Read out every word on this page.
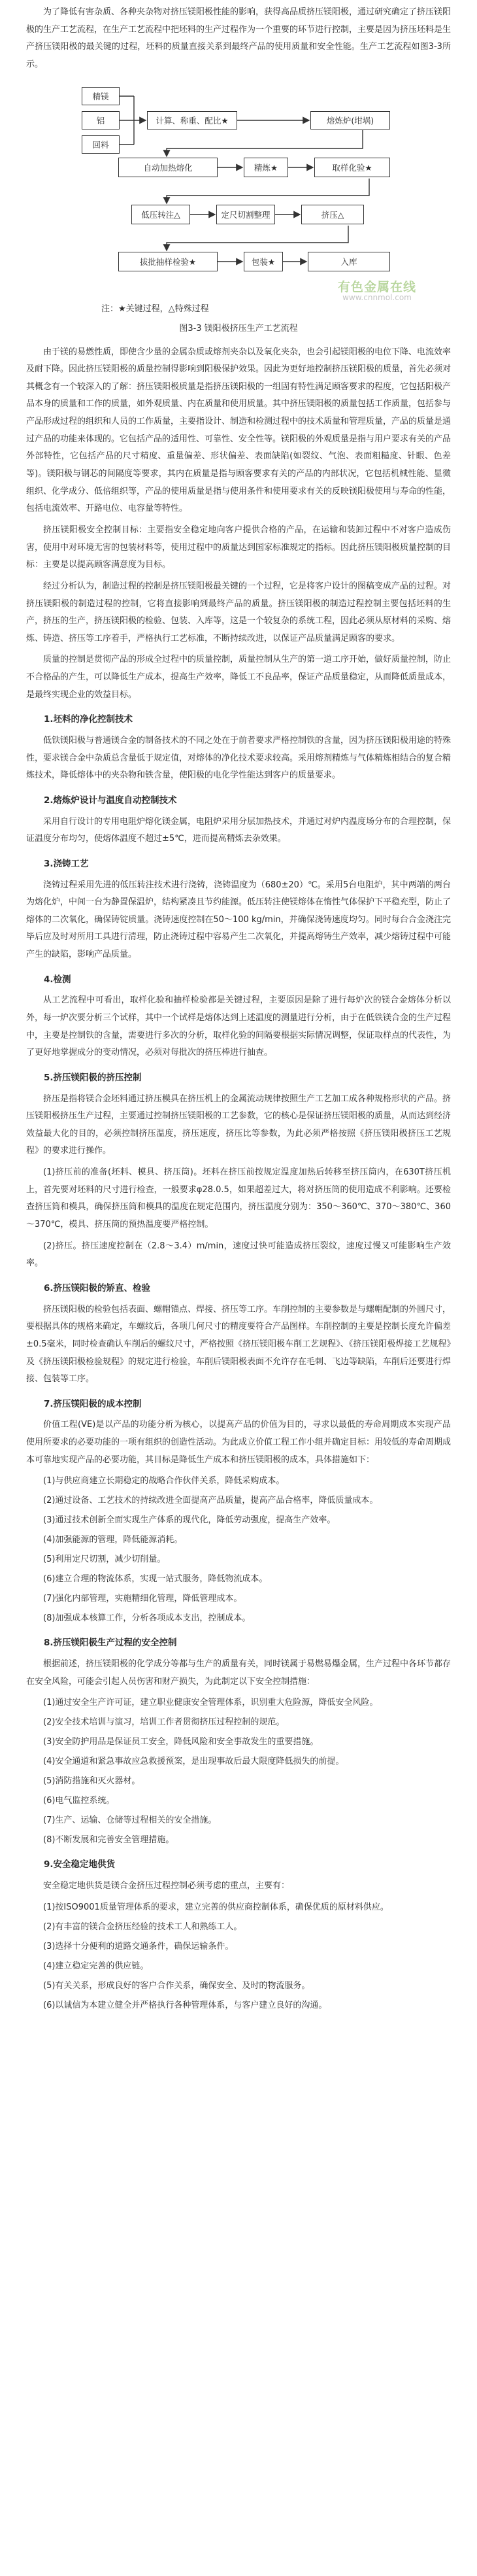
为了降低有害杂质、各种夹杂物对挤压镁阳极性能的影响，获得高品质挤压镁阳极，通过研究确定了挤压镁阳极的生产工艺流程，在生产工艺流程中把坯料的生产过程作为一个重要的环节进行控制，主要是因为挤压坯料是生产挤压镁阳极的最关键的过程，坯料的质量直接关系到最终产品的使用质量和安全性能。生产工艺流程如图3-3所示。

精镁
铝
回料
计算、称重、配比★	熔炼炉(坩埚)
自动加热熔化	精炼★	取样化验★
低压转注△	定尺切割整理	挤压△
拔批抽样检验★	包装★	入库
注：★关键过程，△特殊过程
有色金属在线
www.cnnmol.com
图3-3 镁阳极挤压生产工艺流程

由于镁的易燃性质，即使含少量的金属杂质或熔剂夹杂以及氧化夹杂，也会引起镁阳极的电位下降、电流效率及耐下降。因此挤压镁阳极的质量控制得影响到阳极保护效果。因此为更好地控制挤压镁阳极的质量，首先必须对其概念有一个较深入的了解：挤压镁阳极质量是指挤压镁阳极的一组固有特性满足顾客要求的程度，它包括阳极产品本身的质量和工作的质量，如外观质量、内在质量和使用质量。其中挤压镁阳极的质量包括工作质量，包括参与产品形成过程的组织和人员的工作质量，主要指设计、制造和检测过程中的技术质量和管理质量，产品的质量是通过产品的功能来体现的。它包括产品的适用性、可靠性、安全性等。镁阳极的外观质量是指与用户要求有关的产品外部特性，它包括产品的尺寸精度、重量偏差、形状偏差、表面缺陷(如裂纹、气泡、表面粗糙度、针眼、色差等)。镁阳极与钢芯的间隔度等要求，其内在质量是指与顾客要求有关的产品的内部状况，它包括机械性能、显微组织、化学成分、低倍组织等，产品的使用质量是指与使用条件和使用要求有关的反映镁阳极使用与寿命的性能，包括电流效率、开路电位、电容量等特性。

挤压镁阳极安全控制目标：主要指安全稳定地向客户提供合格的产品，在运输和装卸过程中不对客户造成伤害，使用中对环境无害的包装材料等，使用过程中的质量达到国家标准规定的指标。因此挤压镁阳极质量控制的目标：主要是以提高顾客满意度为目标。

经过分析认为，制造过程的控制是挤压镁阳极最关键的一个过程，它是将客户设计的图稿变成产品的过程。对挤压镁阳极的制造过程的控制，它将直接影响到最终产品的质量。挤压镁阳极的制造过程控制主要包括坯料的生产，挤压的生产，挤压镁阳极的检验、包装、入库等，这是一个较复杂的系统工程，因此必须从原材料的采购、熔炼、铸造、挤压等工序着手，严格执行工艺标准，不断持续改进，以保证产品质量满足顾客的要求。

质量的控制是贯彻产品的形成全过程中的质量控制，质量控制从生产的第一道工序开始，做好质量控制，防止不合格品的产生，可以降低生产成本，提高生产效率，降低工不良品率，保证产品质量稳定，从而降低质量成本，是最终实现企业的效益目标。

1.坯料的净化控制技术

低铁镁阳极与普通镁合金的制备技术的不同之处在于前者要求严格控制铁的含量，因为挤压镁阳极用途的特殊性，要求镁合金中杂质总含量低于规定值，对熔体的净化技术要求较高。采用熔剂精炼与气体精炼相结合的复合精炼技术，降低熔体中的夹杂物和铁含量，使阳极的电化学性能达到客户的质量要求。

2.熔炼炉设计与温度自动控制技术

采用自行设计的专用电阻炉熔化镁金属，电阻炉采用分层加热技术，并通过对炉内温度场分布的合理控制，保证温度分布均匀，使熔体温度不超过±5℃，进而提高精炼去杂效果。

3.浇铸工艺

浇铸过程采用先进的低压转注技术进行浇铸，浇铸温度为（680±20）℃。采用5台电阻炉，其中两端的两台为熔化炉，中间一台为静置保温炉，结构紧凑且节约能源。低压转注使镁熔体在惰性气体保护下平稳充型，防止了熔体的二次氧化，确保铸锭质量。浇铸速度控制在50～100 kg/min，并确保浇铸速度均匀。同时每台合金浇注完毕后应及时对所用工具进行清理，防止浇铸过程中容易产生二次氧化，并提高熔铸生产效率，减少熔铸过程中可能产生的缺陷，影响产品质量。

4.检测

从工艺流程中可看出，取样化验和抽样检验都是关键过程，主要原因是除了进行每炉次的镁合金熔体分析以外，每一炉次要分析三个试样，其中一个试样是熔体达到上述温度的测量进行分析，由于在低铁镁合金的生产过程中，主要是控制铁的含量，需要进行多次的分析，取样化验的间隔要根据实际情况调整，保证取样点的代表性，为了更好地掌握成分的变动情况，必须对每批次的挤压棒进行抽查。

5.挤压镁阳极的挤压控制

挤压是指将镁合金坯料通过挤压模具在挤压机上的金属流动规律按照生产工艺加工成各种规格形状的产品。挤压镁阳极挤压生产过程，主要通过控制挤压镁阳极的工艺参数，它的核心是保证挤压镁阳极的质量，从而达到经济效益最大化的目的，必须控制挤压温度，挤压速度，挤压比等参数，为此必须严格按照《挤压镁阳极挤压工艺规程》的要求进行操作。

(1)挤压前的准备(坯料、模具、挤压筒)。坯料在挤压前按规定温度加热后转移至挤压筒内，在630T挤压机上，首先要对坯料的尺寸进行检查，一般要求φ28.0.5，如果超差过大，将对挤压筒的使用造成不利影响。还要检查挤压筒和模具，确保挤压筒和模具的温度在规定范围内，挤压温度分别为：350～360℃、370～380℃、360～370℃，模具、挤压筒的预热温度要严格控制。

(2)挤压。挤压速度控制在（2.8～3.4）m/min，速度过快可能造成挤压裂纹，速度过慢又可能影响生产效率。

6.挤压镁阳极的矫直、检验

挤压镁阳极的检验包括表面、螺帽锚点、焊接、挤压等工序。车削控制的主要参数是与螺帽配制的外圆尺寸，要根据具体的规格来确定，车螺纹后，各项几何尺寸的精度要符合产品图样。车削控制的主要是控制长度允许偏差±0.5毫米，同时检查确认车削后的螺纹尺寸，严格按照《挤压镁阳极车削工艺规程》、《挤压镁阳极焊接工艺规程》及《挤压镁阳极检验规程》的规定进行检验，车削后镁阳极表面不允许存在毛刺、飞边等缺陷，车削后还要进行焊接、包装等工序。

7.挤压镁阳极的成本控制

价值工程(VE)是以产品的功能分析为核心，以提高产品的价值为目的，寻求以最低的寿命周期成本实现产品使用所要求的必要功能的一项有组织的创造性活动。为此成立价值工程工作小组并确定目标：用较低的寿命周期成本可靠地实现产品的必要功能，其目标是降低生产成本和挤压镁阳极的成本，具体措施如下：

(1)与供应商建立长期稳定的战略合作伙伴关系，降低采购成本。
(2)通过设备、工艺技术的持续改进全面提高产品质量，提高产品合格率，降低质量成本。
(3)通过技术创新全面实现生产体系的现代化，降低劳动强度，提高生产效率。
(4)加强能源的管理，降低能源消耗。
(5)利用定尺切割，减少切削量。
(6)建立合理的物流体系，实现一站式服务，降低物流成本。
(7)强化内部管理，实施精细化管理，降低管理成本。
(8)加强成本核算工作，分析各项成本支出，控制成本。
8.挤压镁阳极生产过程的安全控制

根据前述，挤压镁阳极的化学成分等都与生产的质量有关，同时镁属于易燃易爆金属，生产过程中各环节都存在安全风险，可能会引起人员伤害和财产损失，为此制定以下安全控制措施：

(1)通过安全生产许可证，建立职业健康安全管理体系，识别重大危险源，降低安全风险。
(2)安全技术培训与演习，培训工作者贯彻挤压过程控制的规范。
(3)安全防护用品是保证员工安全，降低风险和安全事故发生的重要措施。
(4)安全通道和紧急事故应急救援预案，是出现事故后最大限度降低损失的前提。
(5)消防措施和灭火器材。
(6)电气监控系统。
(7)生产、运输、仓储等过程相关的安全措施。
(8)不断发展和完善安全管理措施。
9.安全稳定地供货

安全稳定地供货是镁合金挤压过程控制必须考虑的重点，主要有：

(1)按ISO9001质量管理体系的要求，建立完善的供应商控制体系，确保优质的原材料供应。
(2)有丰富的镁合金挤压经验的技术工人和熟练工人。
(3)选择十分便利的道路交通条件，确保运输条件。
(4)建立稳定完善的供应链。
(5)有关关系，形成良好的客户合作关系，确保安全、及时的物流服务。
(6)以诚信为本建立健全并严格执行各种管理体系，与客户建立良好的沟通。
